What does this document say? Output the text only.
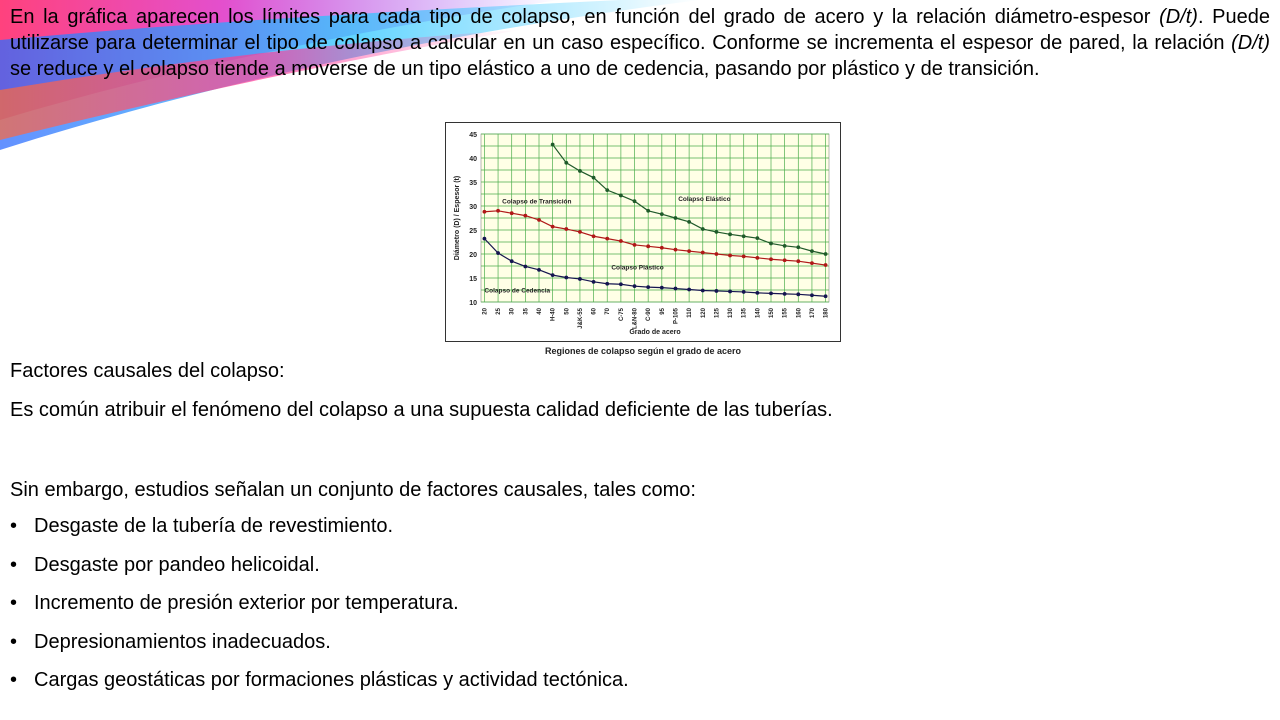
En la gráfica aparecen los límites para cada tipo de colapso, en función del grado de acero y la relación diámetro-espesor (D/t). Puede utilizarse para determinar el tipo de colapso a calcular en un caso específico. Conforme se incrementa el espesor de pared, la relación (D/t) se reduce y el colapso tiende a moverse de un tipo elástico a uno de cedencia, pasando por plástico y de transición.

10
15
20
25
30
35
40
45
20 25 30 35 40 H-40 50 J&K-55 60 70 C-75 L&N-80 C-90 95 P-105 110 120 125 130 135 140 150 155 160 170 180
Grado de acero
Diámetro (D) / Espesor (t)	Colapso Elástico
Colapso de Transición
Colapso Plástico
Colapso de Cedencia
Regiones de colapso según el grado de acero

Factores causales del colapso:

Es común atribuir el fenómeno del colapso a una supuesta calidad deficiente de las tuberías.

Sin embargo, estudios señalan un conjunto de factores causales, tales como:

• Desgaste de la tubería de revestimiento.
• Desgaste por pandeo helicoidal.
• Incremento de presión exterior por temperatura.
• Depresionamientos inadecuados.
• Cargas geostáticas por formaciones plásticas y actividad tectónica.
